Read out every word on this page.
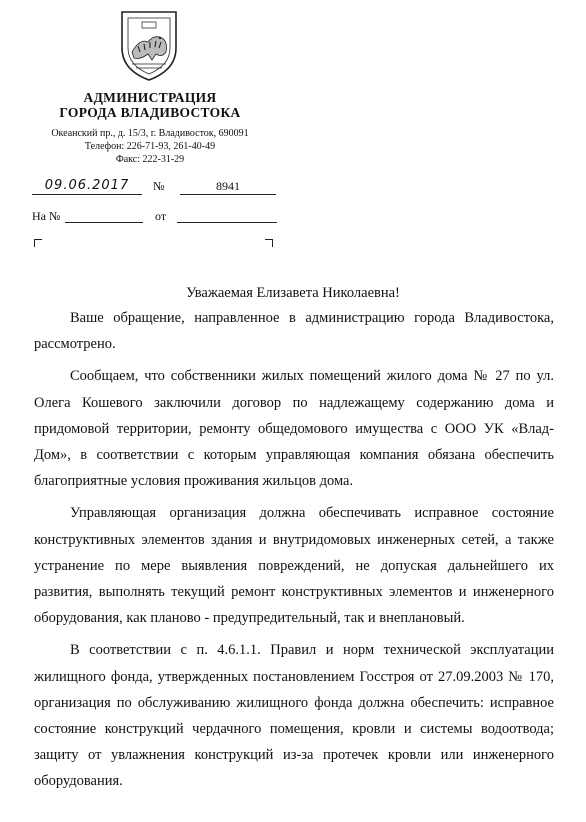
АДМИНИСТРАЦИЯ
ГОРОДА ВЛАДИВОСТОКА
Океанский пр., д. 15/3, г. Владивосток, 690091
Телефон: 226-71-93, 261-40-49
Факс: 222-31-29
09.06.2017	№	8941
На №	от
Уважаемая Елизавета Николаевна!

Ваше обращение, направленное в администрацию города Владивостока, рассмотрено.

Сообщаем, что собственники жилых помещений жилого дома № 27 по ул. Олега Кошевого заключили договор по надлежащему содержанию дома и придомовой территории, ремонту общедомового имущества с ООО УК «Влад-Дом», в соответствии с которым управляющая компания обязана обеспечить благоприятные условия проживания жильцов дома.

Управляющая организация должна обеспечивать исправное состояние конструктивных элементов здания и внутридомовых инженерных сетей, а также устранение по мере выявления повреждений, не допуская дальнейшего их развития, выполнять текущий ремонт конструктивных элементов и инженерного оборудования, как планово - предупредительный, так и внеплановый.

В соответствии с п. 4.6.1.1. Правил и норм технической эксплуатации жилищного фонда, утвержденных постановлением Госстроя от 27.09.2003 № 170, организация по обслуживанию жилищного фонда должна обеспечить: исправное состояние конструкций чердачного помещения, кровли и системы водоотвода; защиту от увлажнения конструкций из-за протечек кровли или инженерного оборудования.
